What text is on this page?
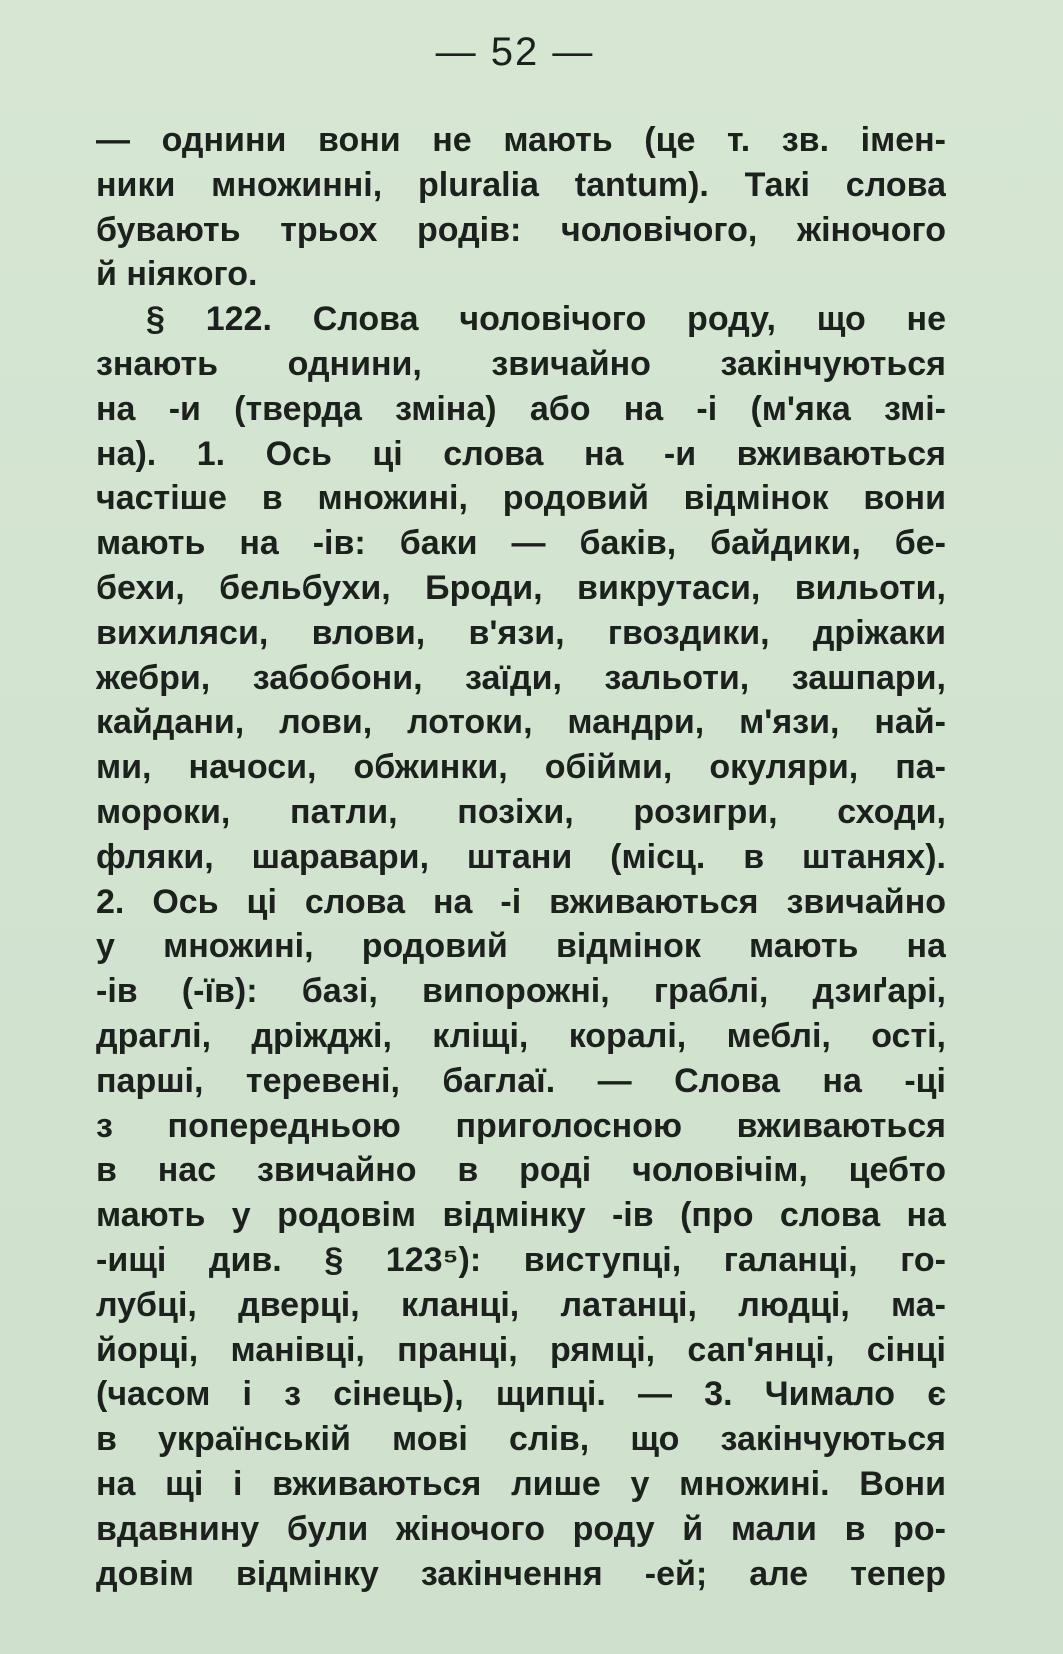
— 52 —
— однини вони не мають (це т. зв. імен-
ники множинні, pluralia tantum). Такі слова
бувають трьох родів: чоловічого, жіночого
й ніякого.
§ 122. Слова чоловічого роду, що не
знають однини, звичайно закінчуються
на -и (тверда зміна) або на -і (м'яка змі-
на). 1. Ось ці слова на -и вживаються
частіше в множині, родовий відмінок вони
мають на -ів: баки — баків, байдики, бе-
бехи, бельбухи, Броди, викрутаси, вильоти,
вихиляси, влови, в'язи, гвоздики, дріжаки
жебри, забобони, заїди, зальоти, зашпари,
кайдани, лови, лотоки, мандри, м'язи, най-
ми, начоси, обжинки, обійми, окуляри, па-
мороки, патли, позіхи, розигри, сходи,
фляки, шаравари, штани (місц. в штанях).
2. Ось ці слова на -і вживаються звичайно
у множині, родовий відмінок мають на
-ів (-їв): базі, випорожні, граблі, дзиґарі,
драглі, дріжджі, кліщі, коралі, меблі, ості,
парші, теревені, баглаї. — Слова на -ці
з попередньою приголосною вживаються
в нас звичайно в роді чоловічім, цебто
мають у родовім відмінку -ів (про слова на
-ищі див. § 123⁵): виступці, галанці, го-
лубці, дверці, кланці, латанці, людці, ма-
йорці, манівці, пранці, рямці, сап'янці, сінці
(часом і з сінець), щипці. — 3. Чимало є
в українській мові слів, що закінчуються
на щі і вживаються лише у множині. Вони
вдавнину були жіночого роду й мали в ро-
довім відмінку закінчення -ей; але тепер
